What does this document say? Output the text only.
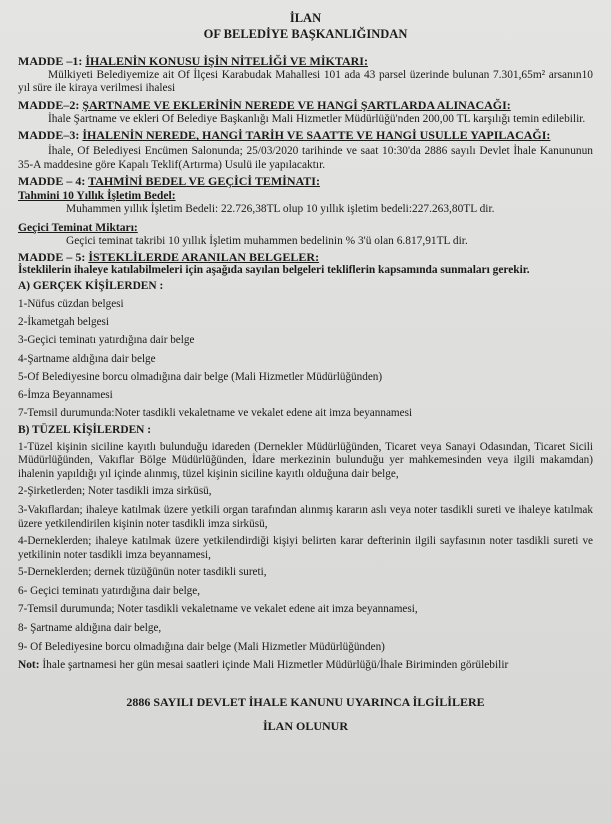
İLAN

OF BELEDİYE BAŞKANLIĞINDAN

MADDE –1: İHALENİN KONUSU İŞİN NİTELİĞİ VE MİKTARI:

Mülkiyeti Belediyemize ait Of İlçesi Karabudak Mahallesi 101 ada 43 parsel üzerinde bulunan 7.301,65m² arsanın10 yıl süre ile kiraya verilmesi ihalesi

MADDE–2: ŞARTNAME VE EKLERİNİN NEREDE VE HANGİ ŞARTLARDA ALINACAĞI:

İhale Şartname ve ekleri Of Belediye Başkanlığı Mali Hizmetler Müdürlüğü'nden 200,00 TL karşılığı temin edilebilir.

MADDE–3: İHALENİN NEREDE, HANGİ TARİH VE SAATTE VE HANGİ USULLE YAPILACAĞI:

İhale, Of Belediyesi Encümen Salonunda; 25/03/2020 tarihinde ve saat 10:30'da 2886 sayılı Devlet İhale Kanununun 35-A maddesine göre Kapalı Teklif(Artırma) Usulü ile yapılacaktır.

MADDE – 4: TAHMİNİ BEDEL VE GEÇİCİ TEMİNATI:

Tahmini 10 Yıllık İşletim Bedel:

Muhammen yıllık İşletim Bedeli: 22.726,38TL olup 10 yıllık işletim bedeli:227.263,80TL dir.

Geçici Teminat Miktarı:

Geçici teminat takribi 10 yıllık İşletim muhammen bedelinin % 3'ü olan 6.817,91TL dir.

MADDE – 5: İSTEKLİLERDE ARANILAN BELGELER:

İsteklilerin ihaleye katılabilmeleri için aşağıda sayılan belgeleri tekliflerin kapsamında sunmaları gerekir.

A) GERÇEK KİŞİLERDEN :

1-Nüfus cüzdan belgesi

2-İkametgah belgesi

3-Geçici teminatı yatırdığına dair belge

4-Şartname aldığına dair belge

5-Of Belediyesine borcu olmadığına dair belge (Mali Hizmetler Müdürlüğünden)

6-İmza Beyannamesi

7-Temsil durumunda:Noter tasdikli vekaletname ve vekalet edene ait imza beyannamesi

B) TÜZEL KİŞİLERDEN :

1-Tüzel kişinin siciline kayıtlı bulunduğu idareden (Dernekler Müdürlüğünden, Ticaret veya Sanayi Odasından, Ticaret Sicili Müdürlüğünden, Vakıflar Bölge Müdürlüğünden, İdare merkezinin bulunduğu yer mahkemesinden veya ilgili makamdan) ihalenin yapıldığı yıl içinde alınmış, tüzel kişinin siciline kayıtlı olduğuna dair belge,

2-Şirketlerden; Noter tasdikli imza sirküsü,

3-Vakıflardan; ihaleye katılmak üzere yetkili organ tarafından alınmış kararın aslı veya noter tasdikli sureti ve ihaleye katılmak üzere yetkilendirilen kişinin noter tasdikli imza sirküsü,

4-Derneklerden; ihaleye katılmak üzere yetkilendirdiği kişiyi belirten karar defterinin ilgili sayfasının noter tasdikli sureti ve yetkilinin noter tasdikli imza beyannamesi,

5-Derneklerden; dernek tüzüğünün noter tasdikli sureti,

6- Geçici teminatı yatırdığına dair belge,

7-Temsil durumunda; Noter tasdikli vekaletname ve vekalet edene ait imza beyannamesi,

8- Şartname aldığına dair belge,

9- Of Belediyesine borcu olmadığına dair belge (Mali Hizmetler Müdürlüğünden)

Not: İhale şartnamesi her gün mesai saatleri içinde Mali Hizmetler Müdürlüğü/İhale Biriminden görülebilir

2886 SAYILI DEVLET İHALE KANUNU UYARINCA İLGİLİLERE

İLAN OLUNUR
